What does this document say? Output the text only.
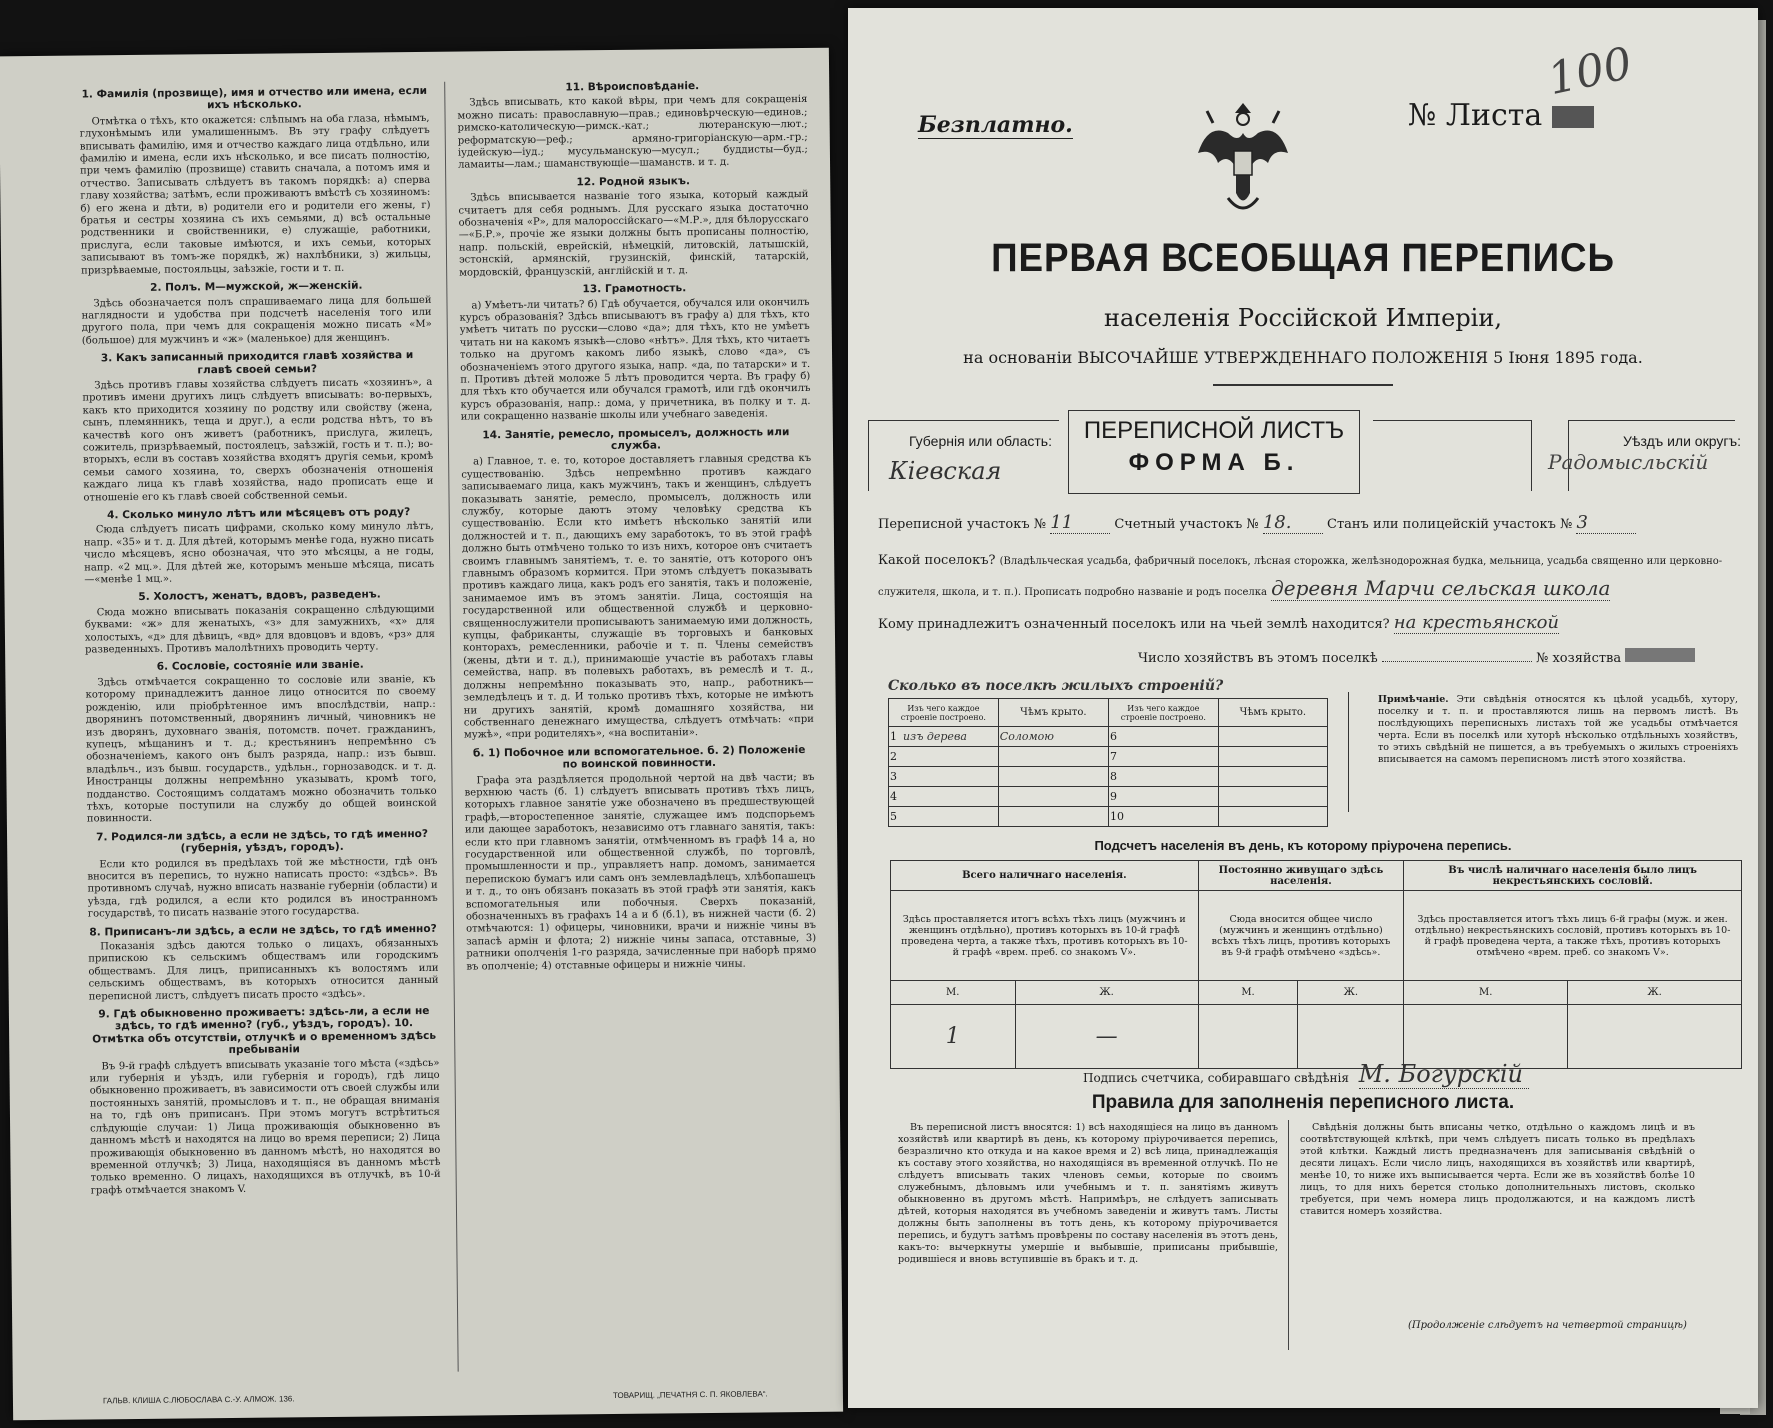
1. Фамилія (прозвище), имя и отчество или имена, если ихъ нѣсколько.

Отмѣтка о тѣхъ, кто окажется: слѣпымъ на оба глаза, нѣмымъ, глухонѣмымъ или умалишеннымъ. Въ эту графу слѣдуетъ вписывать фамилію, имя и отчество каждаго лица отдѣльно, или фамилію и имена, если ихъ нѣсколько, и все писать полностію, при чемъ фамилію (прозвище) ставить сначала, а потомъ имя и отчество. Записывать слѣдуетъ въ такомъ порядкѣ: а) сперва главу хозяйства; затѣмъ, если проживаютъ вмѣстѣ съ хозяиномъ: б) его жена и дѣти, в) родители его и родители его жены, г) братья и сестры хозяина съ ихъ семьями, д) всѣ остальные родственники и свойственники, е) служащіе, работники, прислуга, если таковые имѣются, и ихъ семьи, которых записывают въ томъ-же порядкѣ, ж) нахлѣбники, з) жильцы, призрѣваемые, постояльцы, заѣзжіе, гости и т. п.

2. Полъ. М—мужской, ж—женскій.

Здѣсь обозначается полъ спрашиваемаго лица для большей наглядности и удобства при подсчетѣ населенія того или другого пола, при чемъ для сокращенія можно писать «М» (большое) для мужчинъ и «ж» (маленькое) для женщинъ.

3. Какъ записанный приходится главѣ хозяйства и главѣ своей семьи?

Здѣсь противъ главы хозяйства слѣдуетъ писать «хозяинъ», а противъ имени другихъ лицъ слѣдуетъ вписывать: во-первыхъ, какъ кто приходится хозяину по родству или свойству (жена, сынъ, племянникъ, теща и друг.), а если родства нѣтъ, то въ качествѣ кого онъ живетъ (работникъ, прислуга, жилецъ, сожитель, призрѣваемый, постоялецъ, заѣзжій, гость и т. п.); во-вторыхъ, если въ составъ хозяйства входятъ другія семьи, кромѣ семьи самого хозяина, то, сверхъ обозначенія отношенія каждаго лица къ главѣ хозяйства, надо прописать еще и отношеніе его къ главѣ своей собственной семьи.

4. Сколько минуло лѣтъ или мѣсяцевъ отъ роду?

Сюда слѣдуетъ писать цифрами, сколько кому минуло лѣтъ, напр. «35» и т. д. Для дѣтей, которымъ менѣе года, нужно писать число мѣсяцевъ, ясно обозначая, что это мѣсяцы, а не годы, напр. «2 мц.». Для дѣтей же, которымъ меньше мѣсяца, писать—«менѣе 1 мц.».

5. Холостъ, женатъ, вдовъ, разведенъ.

Сюда можно вписывать показанія сокращенно слѣдующими буквами: «ж» для женатыхъ, «з» для замужнихъ, «х» для холостыхъ, «д» для дѣвицъ, «вд» для вдовцовъ и вдовъ, «рз» для разведенныхъ. Противъ малолѣтнихъ проводить черту.

6. Сословіе, состояніе или званіе.

Здѣсь отмѣчается сокращенно то сословіе или званіе, къ которому принадлежитъ данное лицо относится по своему рожденію, или пріобрѣтенное имъ впослѣдствіи, напр.: дворянинъ потомственный, дворянинъ личный, чиновникъ не изъ дворянъ, духовнаго званія, потомств. почет. гражданинъ, купецъ, мѣщанинъ и т. д.; крестьянинъ непремѣнно съ обозначеніемъ, какого онъ былъ разряда, напр.: изъ бывш. владѣльч., изъ бывш. государств., удѣльн., горнозаводск. и т. д. Иностранцы должны непремѣнно указывать, кромѣ того, подданство. Состоящимъ солдатамъ можно обозначить только тѣхъ, которые поступили на службу до общей воинской повинности.

7. Родился-ли здѣсь, а если не здѣсь, то гдѣ именно? (губернія, уѣздъ, городъ).

Если кто родился въ предѣлахъ той же мѣстности, гдѣ онъ вносится въ перепись, то нужно написать просто: «здѣсь». Въ противномъ случаѣ, нужно вписать названіе губерніи (области) и уѣзда, гдѣ родился, а если кто родился въ иностранномъ государствѣ, то писать названіе этого государства.

8. Приписанъ-ли здѣсь, а если не здѣсь, то гдѣ именно?

Показанія здѣсь даются только о лицахъ, обязанныхъ припискою къ сельскимъ обществамъ или городскимъ обществамъ. Для лицъ, приписанныхъ къ волостямъ или сельскимъ обществамъ, въ которыхъ относится данный переписной листъ, слѣдуетъ писать просто «здѣсь».

9. Гдѣ обыкновенно проживаетъ: здѣсь-ли, а если не здѣсь, то гдѣ именно? (губ., уѣздъ, городъ). 10. Отмѣтка объ отсутствіи, отлучкѣ и о временномъ здѣсь пребываніи

Въ 9-й графѣ слѣдуетъ вписывать указаніе того мѣста («здѣсь» или губернія и уѣздъ, или губернія и городъ), гдѣ лицо обыкновенно проживаетъ, въ зависимости отъ своей службы или постоянныхъ занятій, промысловъ и т. п., не обращая вниманія на то, гдѣ онъ приписанъ. При этомъ могутъ встрѣтиться слѣдующіе случаи: 1) Лица проживающія обыкновенно въ данномъ мѣстѣ и находятся на лицо во время переписи; 2) Лица проживающія обыкновенно въ данномъ мѣстѣ, но находятся во временной отлучкѣ; 3) Лица, находящіяся въ данномъ мѣстѣ только временно. О лицахъ, находящихся въ отлучкѣ, въ 10-й графѣ отмѣчается знакомъ V.

11. Вѣроисповѣданіе.

Здѣсь вписывать, кто какой вѣры, при чемъ для сокращенія можно писать: православную—прав.; единовѣрческую—единов.; римско-католическую—римск.-кат.; лютеранскую—лют.; реформатскую—реф.; армяно-григоріанскую—арм.-гр.; іудейскую—іуд.; мусульманскую—мусул.; буддисты—буд.; ламаиты—лам.; шаманствующіе—шаманств. и т. д.

12. Родной языкъ.

Здѣсь вписывается названіе того языка, который каждый считаетъ для себя роднымъ. Для русскаго языка достаточно обозначенія «Р», для малороссійскаго—«М.Р.», для бѣлорусскаго—«Б.Р.», прочіе же языки должны быть прописаны полностію, напр. польскій, еврейскій, нѣмецкій, литовскій, латышскій, эстонскій, армянскій, грузинскій, финскій, татарскій, мордовскій, французскій, англійскій и т. д.

13. Грамотность.

а) Умѣетъ-ли читать? б) Гдѣ обучается, обучался или окончилъ курсъ образованія? Здѣсь вписываютъ въ графу а) для тѣхъ, кто умѣетъ читать по русски—слово «да»; для тѣхъ, кто не умѣетъ читать ни на какомъ языкѣ—слово «нѣтъ». Для тѣхъ, кто читаетъ только на другомъ какомъ либо языкѣ, слово «да», съ обозначеніемъ этого другого языка, напр. «да, по татарски» и т. п. Противъ дѣтей моложе 5 лѣтъ проводится черта. Въ графу б) для тѣхъ кто обучается или обучался грамотѣ, или гдѣ окончилъ курсъ образованія, напр.: дома, у причетника, въ полку и т. д. или сокращенно названіе школы или учебнаго заведенія.

14. Занятіе, ремесло, промыселъ, должность или служба.

а) Главное, т. е. то, которое доставляетъ главныя средства къ существованію. Здѣсь непремѣнно противъ каждаго записываемаго лица, какъ мужчинъ, такъ и женщинъ, слѣдуетъ показывать занятіе, ремесло, промыселъ, должность или службу, которые даютъ этому человѣку средства къ существованію. Если кто имѣетъ нѣсколько занятій или должностей и т. п., дающихъ ему заработокъ, то въ этой графѣ должно быть отмѣчено только то изъ нихъ, которое онъ считаетъ своимъ главнымъ занятіемъ, т. е. то занятіе, отъ которого онъ главнымъ образомъ кормится. При этомъ слѣдуетъ показывать противъ каждаго лица, какъ родъ его занятія, такъ и положеніе, занимаемое имъ въ этомъ занятіи. Лица, состоящія на государственной или общественной службѣ и церковно-священнослужители прописываютъ занимаемую ими должность, купцы, фабриканты, служащіе въ торговыхъ и банковых конторахъ, ремесленники, рабочіе и т. п. Члены семействъ (жены, дѣти и т. д.), принимающіе участіе въ работахъ главы семейства, напр. въ полевыхъ работахъ, въ ремеслѣ и т. д., должны непремѣнно показывать это, напр., работникъ—земледѣлецъ и т. д. И только противъ тѣхъ, которые не имѣютъ ни другихъ занятій, кромѣ домашняго хозяйства, ни собственнаго денежнаго имущества, слѣдуетъ отмѣчать: «при мужѣ», «при родителяхъ», «на воспитаніи».

б. 1) Побочное или вспомогательное. б. 2) Положеніе по воинской повинности.

Графа эта раздѣляется продольной чертой на двѣ части; въ верхнюю часть (б. 1) слѣдуетъ вписывать противъ тѣхъ лицъ, которыхъ главное занятіе уже обозначено въ предшествующей графѣ,—второстепенное занятіе, служащее имъ подспорьемъ или дающее заработокъ, независимо отъ главнаго занятія, такъ: если кто при главномъ занятіи, отмѣченномъ въ графѣ 14 а, но государственной или общественной службѣ, по торговлѣ, промышленности и пр., управляетъ напр. домомъ, занимается перепискою бумагъ или самъ онъ землевладѣлецъ, хлѣбопашецъ и т. д., то онъ обязанъ показать въ этой графѣ эти занятія, какъ вспомогательныя или побочныя. Сверхъ показаній, обозначенныхъ въ графахъ 14 а и б (б.1), въ нижней части (б. 2) отмѣчаются: 1) офицеры, чиновники, врачи и нижніе чины въ запасѣ армін и флота; 2) нижніе чины запаса, отставные, 3) ратники ополченія 1-го разряда, зачисленные при наборѣ прямо въ ополченіе; 4) отставные офицеры и нижніе чины.

ГАЛЬВ. КЛИША С.ЛЮБОСЛАВА С.-У. АЛМОЖ. 136.	ТОВАРИЩ. „ПЕЧАТНЯ С. П. ЯКОВЛЕВА“.
Безплатно.	№ Листа
100
ПЕРВАЯ ВСЕОБЩАЯ ПЕРЕПИСЬ
населенія Россійской Имперіи,
на основаніи ВЫСОЧАЙШЕ УТВЕРЖДЕННАГО ПОЛОЖЕНІЯ 5 Іюня 1895 года.
Губернія или область:
Кіевская
ПЕРЕПИСНОЙ ЛИСТЪ
ФОРМА Б.
Уѣздъ или округъ:
Радомысльскій
Переписной участокъ № 11	Счетный участокъ № 18.	Станъ или полицейскій участокъ № 3
Какой поселокъ? (Владѣльческая усадьба, фабричный поселокъ, лѣсная сторожка, желѣзнодорожная будка, мельница, усадьба священно или церковно-служителя, школа, и т. п.). Прописать подробно названіе и родъ поселка деревня Марчи сельская школа
Кому принадлежитъ означенный поселокъ или на чьей землѣ находится? на крестьянской
Число хозяйствъ въ этомъ поселкѣ	№ хозяйства
Сколько въ поселкѣ жилыхъ строеній?
Изъ чего каждое строеніе построено.	Чѣмъ крыто.	Изъ чего каждое строеніе построено.	Чѣмъ крыто.
1 изъ дерева	Соломою	6	
2		7	
3		8	
4		9	
5		10	
Примѣчаніе. Эти свѣдѣнія относятся къ цѣлой усадьбѣ, хутору, поселку и т. п. и проставляются лишь на первомъ листѣ. Въ послѣдующихъ переписныхъ листахъ той же усадьбы отмѣчается черта. Если въ поселкѣ или хуторѣ нѣсколько отдѣльныхъ хозяйствъ, то этихъ свѣдѣній не пишется, а въ требуемыхъ о жилыхъ строеніяхъ вписывается на самомъ переписномъ листѣ этого хозяйства.
Подсчетъ населенія въ день, къ которому пріурочена перепись.
Всего наличнаго населенія.		Постоянно живущаго здѣсь населенія.		Въ числѣ наличнаго населенія было лицъ некрестьянскихъ сословій.	
Здѣсь проставляется итогъ всѣхъ тѣхъ лицъ (мужчинъ и женщинъ отдѣльно), противъ которыхъ въ 10-й графѣ проведена черта, а также тѣхъ, противъ которыхъ въ 10-й графѣ «врем. преб. со знакомъ V».		Сюда вносится общее число (мужчинъ и женщинъ отдѣльно) всѣхъ тѣхъ лицъ, противъ которыхъ въ 9-й графѣ отмѣчено «здѣсь».		Здѣсь проставляется итогъ тѣхъ лицъ 6-й графы (муж. и жен. отдѣльно) некрестьянскихъ сословій, противъ которыхъ въ 10-й графѣ проведена черта, а также тѣхъ, противъ которыхъ отмѣчено «врем. преб. со знакомъ V».	
М.	Ж.	М.	Ж.	М.	Ж.
1	—				
Подпись счетчика, собиравшаго свѣдѣнія М. Богурскій
Правила для заполненія переписного листа.

Въ переписной листъ вносятся: 1) всѣ находящіеся на лицо въ данномъ хозяйствѣ или квартирѣ въ день, къ которому пріурочивается перепись, безразлично кто откуда и на какое время и 2) всѣ лица, принадлежащія къ составу этого хозяйства, но находящіяся въ временной отлучкѣ. По не слѣдуетъ вписывать таких членовъ семьи, которые по своимъ служебнымъ, дѣловымъ или учебнымъ и т. п. занятіямъ живутъ обыкновенно въ другомъ мѣстѣ. Напримѣръ, не слѣдуетъ записывать дѣтей, которыя находятся въ учебномъ заведеніи и живутъ тамъ. Листы должны быть заполнены въ тотъ день, къ которому пріурочивается перепись, и будутъ затѣмъ провѣрены по составу населенія въ этотъ день, какъ-то: вычеркнуты умершіе и выбывшіе, приписаны прибывшіе, родившіеся и вновь вступившіе въ бракъ и т. д.

Свѣдѣнія должны быть вписаны четко, отдѣльно о каждомъ лицѣ и въ соотвѣтствующей клѣткѣ, при чемъ слѣдуетъ писать только въ предѣлахъ этой клѣтки. Каждый листъ предназначенъ для записыванія свѣдѣній о десяти лицахъ. Если число лицъ, находящихся въ хозяйствѣ или квартирѣ, менѣе 10, то ниже ихъ выписывается черта. Если же въ хозяйствѣ болѣе 10 лицъ, то для нихъ берется столько дополнительныхъ листовъ, сколько требуется, при чемъ номера лицъ продолжаются, и на каждомъ листѣ ставится номеръ хозяйства.

(Продолженіе слѣдуетъ на четвертой страницѣ)
